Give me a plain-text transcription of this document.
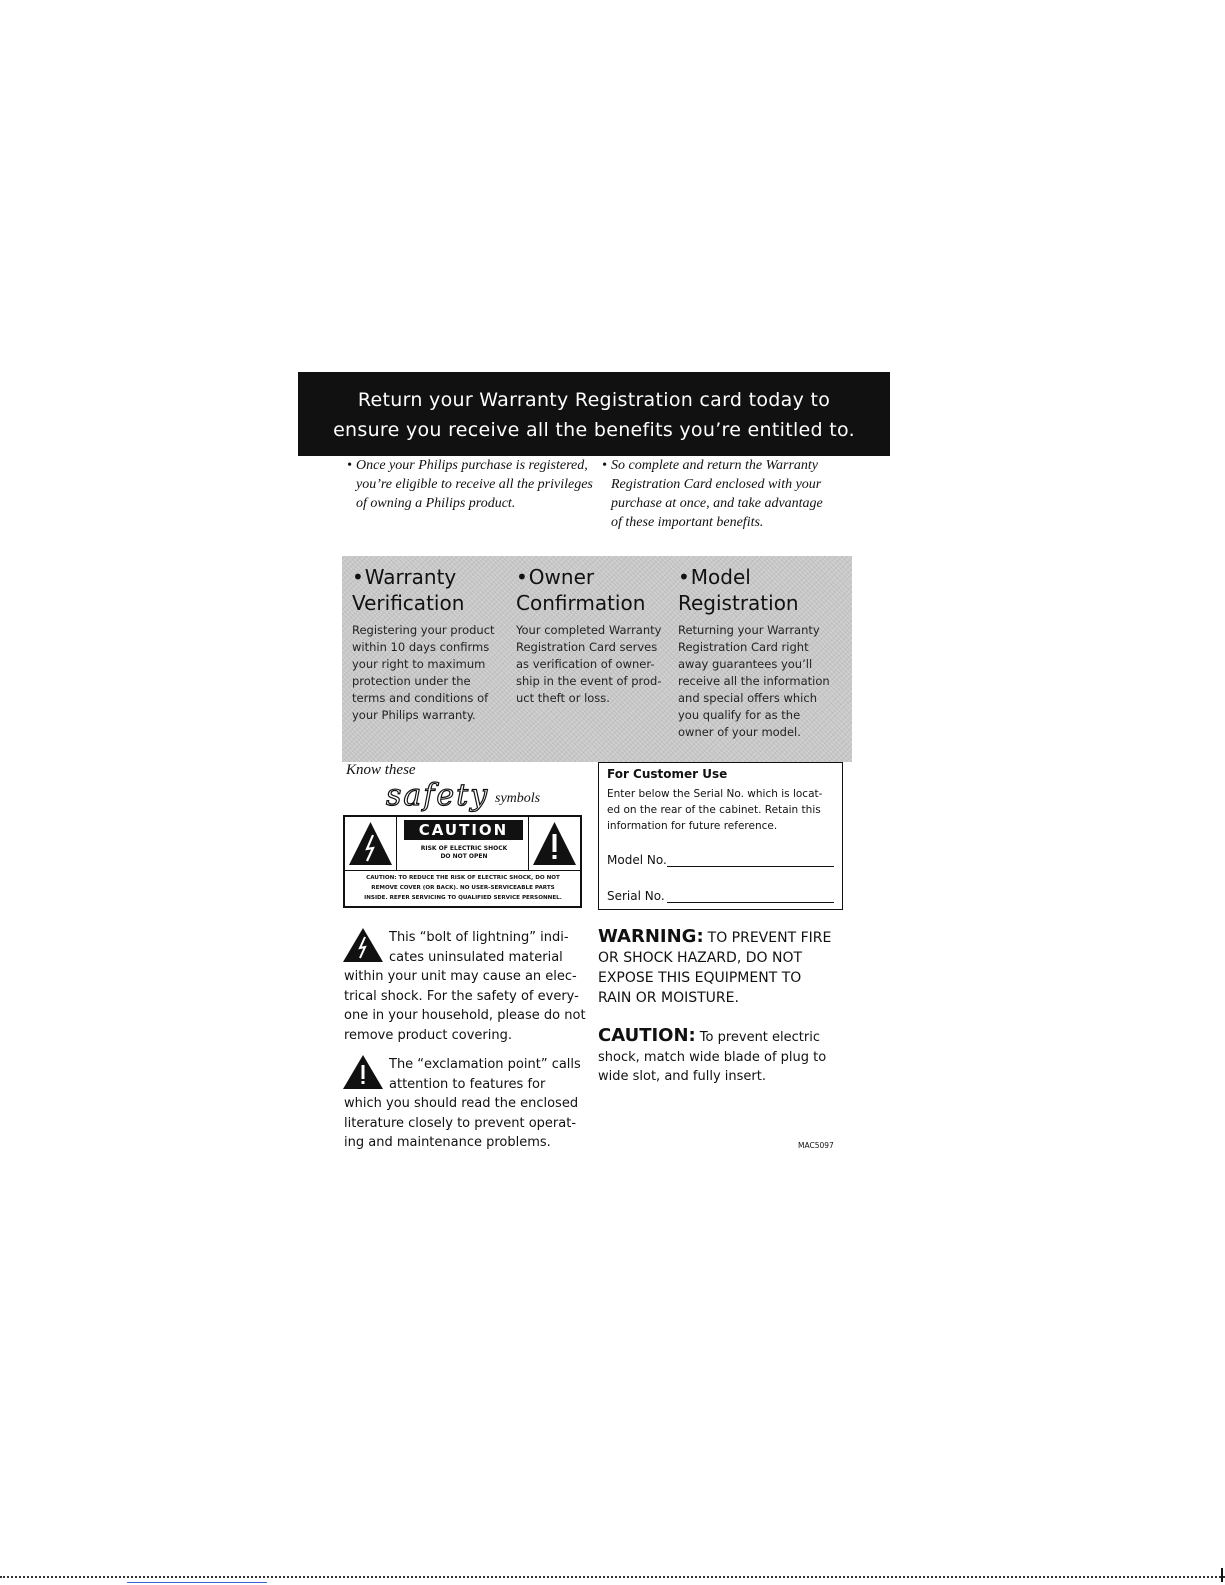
Return your Warranty Registration card today to
ensure you receive all the benefits you’re entitled to.
• Once your Philips purchase is registered,
you’re eligible to receive all the privileges
of owning a Philips product.
• So complete and return the Warranty
Registration Card enclosed with your
purchase at once, and take advantage
of these important benefits.
•Warranty
Verification
Registering your product
within 10 days confirms
your right to maximum
protection under the
terms and conditions of
your Philips warranty.
•Owner
Confirmation
Your completed Warranty
Registration Card serves
as verification of owner-
ship in the event of prod-
uct theft or loss.
•Model
Registration
Returning your Warranty
Registration Card right
away guarantees you’ll
receive all the information
and special offers which
you qualify for as the
owner of your model.
Know these
safety symbols
CAUTION
RISK OF ELECTRIC SHOCK
DO NOT OPEN
CAUTION: TO REDUCE THE RISK OF ELECTRIC SHOCK, DO NOT
REMOVE COVER (OR BACK). NO USER-SERVICEABLE PARTS
INSIDE. REFER SERVICING TO QUALIFIED SERVICE PERSONNEL.
For Customer Use
Enter below the Serial No. which is locat-
ed on the rear of the cabinet. Retain this
information for future reference.
Model No.
Serial No.
This “bolt of lightning” indi-
cates uninsulated material
within your unit may cause an elec-
trical shock. For the safety of every-
one in your household, please do not
remove product covering.
The “exclamation point” calls
attention to features for
which you should read the enclosed
literature closely to prevent operat-
ing and maintenance problems.
WARNING: TO PREVENT FIRE
OR SHOCK HAZARD, DO NOT
EXPOSE THIS EQUIPMENT TO
RAIN OR MOISTURE.
CAUTION: To prevent electric
shock, match wide blade of plug to
wide slot, and fully insert.
MAC5097
